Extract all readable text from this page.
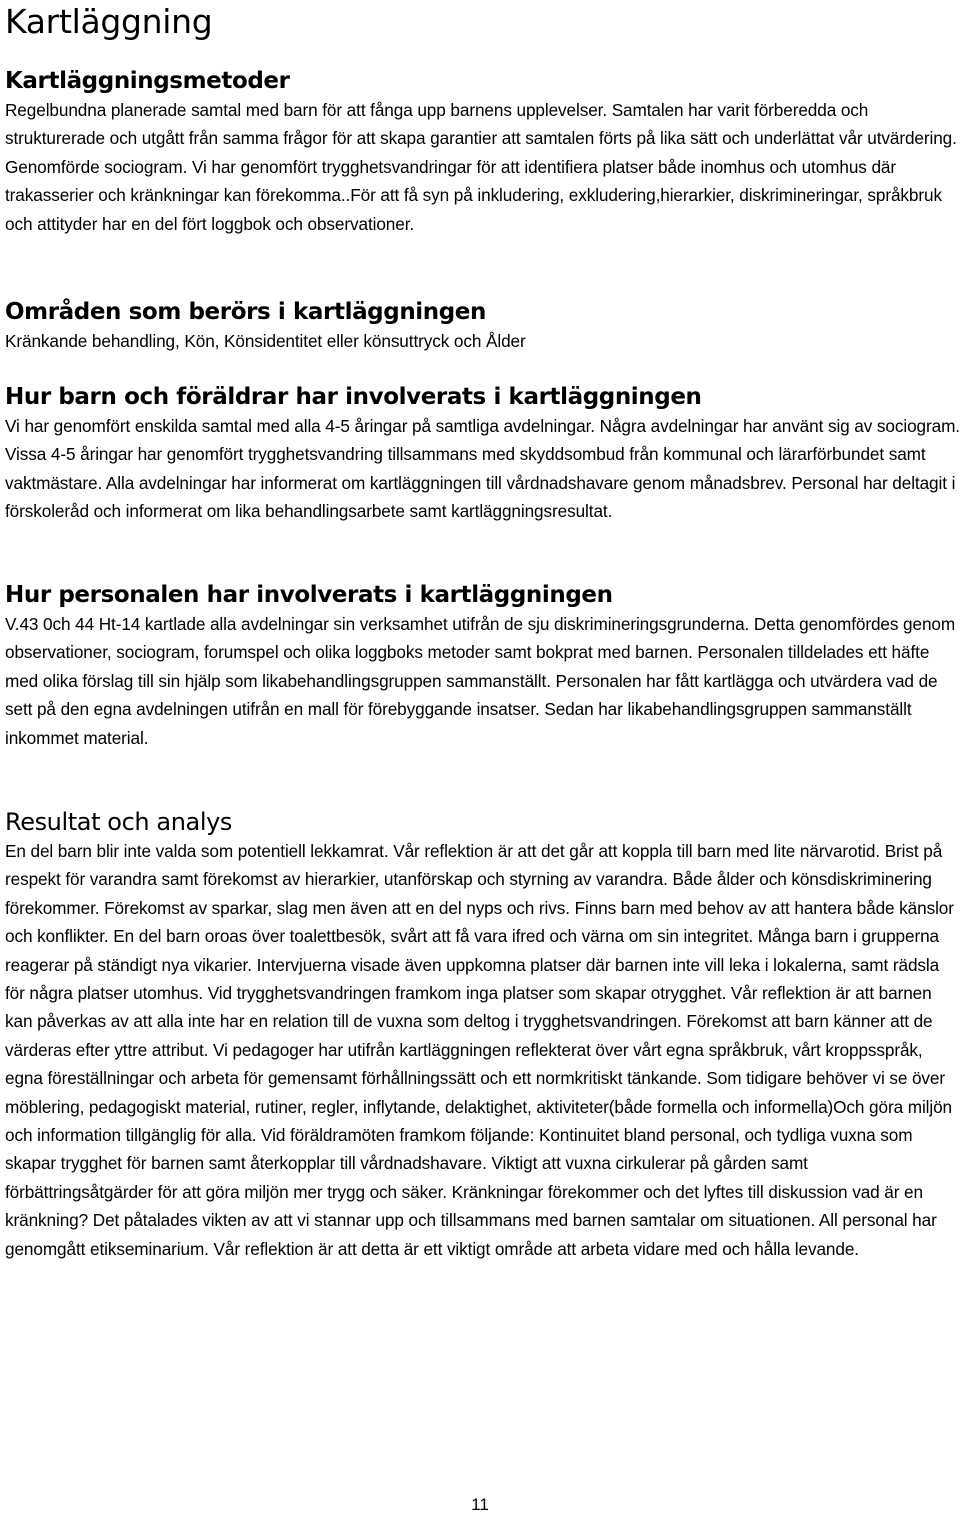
Kartläggning
Kartläggningsmetoder

Regelbundna planerade samtal med barn för att fånga upp barnens upplevelser. Samtalen har varit förberedda och strukturerade och utgått från samma frågor för att skapa garantier att samtalen förts på lika sätt och underlättat vår utvärdering. Genomförde sociogram. Vi har genomfört trygghetsvandringar för att identifiera platser både inomhus och utomhus där trakasserier och kränkningar kan förekomma..För att få syn på inkludering, exkludering,hierarkier, diskrimineringar, språkbruk och attityder har en del fört loggbok och observationer.

Områden som berörs i kartläggningen

Kränkande behandling, Kön, Könsidentitet eller könsuttryck och Ålder

Hur barn och föräldrar har involverats i kartläggningen

Vi har genomfört enskilda samtal med alla 4-5 åringar på samtliga avdelningar. Några avdelningar har använt sig av sociogram. Vissa 4-5 åringar har genomfört trygghetsvandring tillsammans med skyddsombud från kommunal och lärarförbundet samt vaktmästare. Alla avdelningar har informerat om kartläggningen till vårdnadshavare genom månadsbrev. Personal har deltagit i förskoleråd och informerat om lika behandlingsarbete samt kartläggningsresultat.

Hur personalen har involverats i kartläggningen

V.43 0ch 44 Ht-14 kartlade alla avdelningar sin verksamhet utifrån de sju diskrimineringsgrunderna. Detta genomfördes genom observationer, sociogram, forumspel och olika loggboks metoder samt bokprat med barnen. Personalen tilldelades ett häfte med olika förslag till sin hjälp som likabehandlingsgruppen sammanställt. Personalen har fått kartlägga och utvärdera vad de sett på den egna avdelningen utifrån en mall för förebyggande insatser. Sedan har likabehandlingsgruppen sammanställt inkommet material.

Resultat och analys

En del barn blir inte valda som potentiell lekkamrat. Vår reflektion är att det går att koppla till barn med lite närvarotid. Brist på respekt för varandra samt förekomst av hierarkier, utanförskap och styrning av varandra. Både ålder och könsdiskriminering förekommer. Förekomst av sparkar, slag men även att en del nyps och rivs. Finns barn med behov av att hantera både känslor och konflikter. En del barn oroas över toalettbesök, svårt att få vara ifred och värna om sin integritet. Många barn i grupperna reagerar på ständigt nya vikarier. Intervjuerna visade även uppkomna platser där barnen inte vill leka i lokalerna, samt rädsla för några platser utomhus. Vid trygghetsvandringen framkom inga platser som skapar otrygghet. Vår reflektion är att barnen kan påverkas av att alla inte har en relation till de vuxna som deltog i trygghetsvandringen. Förekomst att barn känner att de värderas efter yttre attribut. Vi pedagoger har utifrån kartläggningen reflekterat över vårt egna språkbruk, vårt kroppsspråk, egna föreställningar och arbeta för gemensamt förhållningssätt och ett normkritiskt tänkande. Som tidigare behöver vi se över möblering, pedagogiskt material, rutiner, regler, inflytande, delaktighet, aktiviteter(både formella och informella)Och göra miljön och information tillgänglig för alla. Vid föräldramöten framkom följande: Kontinuitet bland personal, och tydliga vuxna som skapar trygghet för barnen samt återkopplar till vårdnadshavare. Viktigt att vuxna cirkulerar på gården samt förbättringsåtgärder för att göra miljön mer trygg och säker. Kränkningar förekommer och det lyftes till diskussion vad är en kränkning? Det påtalades vikten av att vi stannar upp och tillsammans med barnen samtalar om situationen. All personal har genomgått etikseminarium. Vår reflektion är att detta är ett viktigt område att arbeta vidare med och hålla levande.

11
